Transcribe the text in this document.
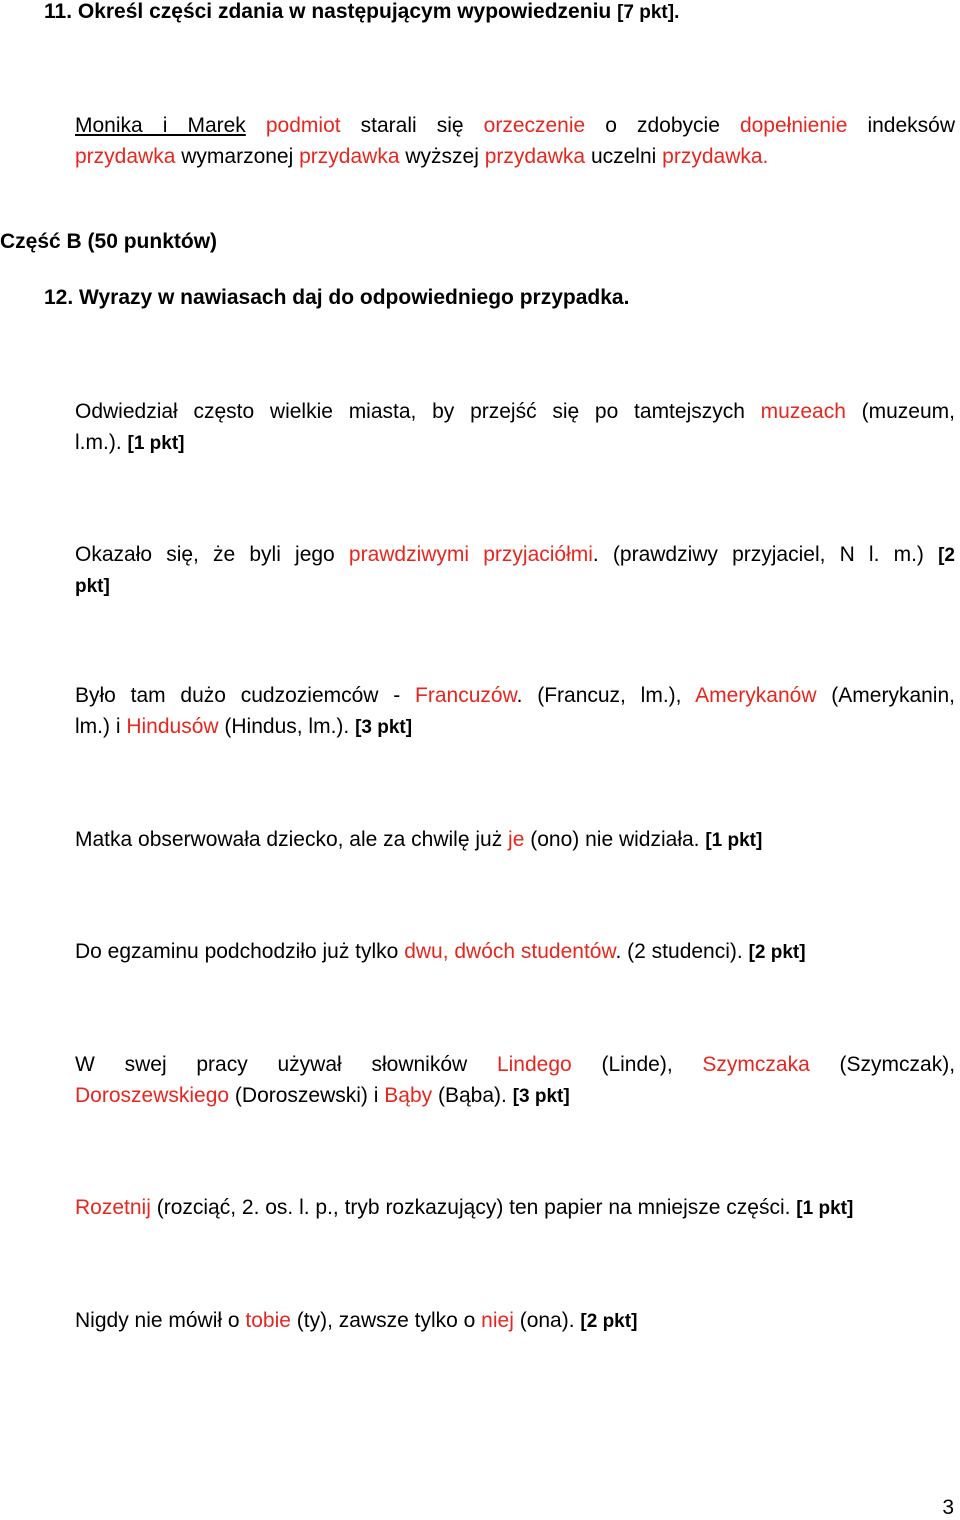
11. Określ części zdania w następującym wypowiedzeniu [7 pkt].
Monika i Marek podmiot starali się orzeczenie o zdobycie dopełnienie indeksów
przydawka wymarzonej przydawka wyższej przydawka uczelni przydawka.
Część B (50 punktów)
12. Wyrazy w nawiasach daj do odpowiedniego przypadka.
Odwiedział często wielkie miasta, by przejść się po tamtejszych muzeach (muzeum,
l.m.). [1 pkt]
Okazało się, że byli jego prawdziwymi przyjaciółmi. (prawdziwy przyjaciel, N l. m.) [2
pkt]
Było tam dużo cudzoziemców - Francuzów. (Francuz, lm.), Amerykanów (Amerykanin,
lm.) i Hindusów (Hindus, lm.). [3 pkt]
Matka obserwowała dziecko, ale za chwilę już je (ono) nie widziała. [1 pkt]
Do egzaminu podchodziło już tylko dwu, dwóch studentów. (2 studenci). [2 pkt]
W swej pracy używał słowników Lindego (Linde), Szymczaka (Szymczak),
Doroszewskiego (Doroszewski) i Bąby (Bąba). [3 pkt]
Rozetnij (rozciąć, 2. os. l. p., tryb rozkazujący) ten papier na mniejsze części. [1 pkt]
Nigdy nie mówił o tobie (ty), zawsze tylko o niej (ona). [2 pkt]
3
